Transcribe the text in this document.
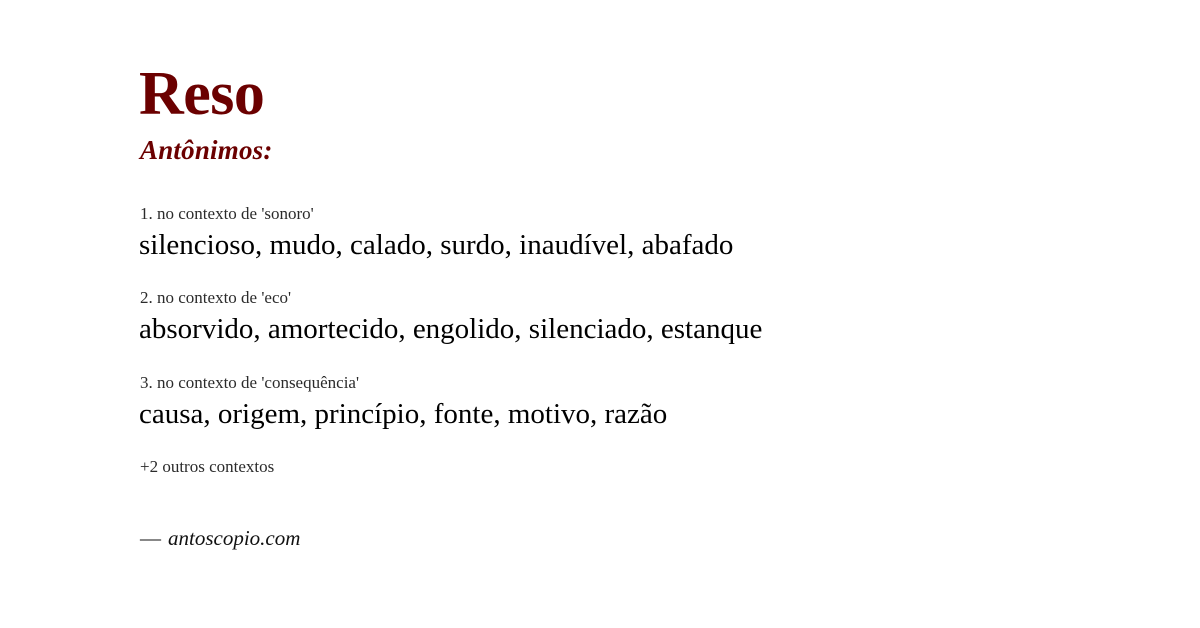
Reso
Antônimos:
1. no contexto de 'sonoro'
silencioso, mudo, calado, surdo, inaudível, abafado
2. no contexto de 'eco'
absorvido, amortecido, engolido, silenciado, estanque
3. no contexto de 'consequência'
causa, origem, princípio, fonte, motivo, razão
+2 outros contextos
— antoscopio.com
